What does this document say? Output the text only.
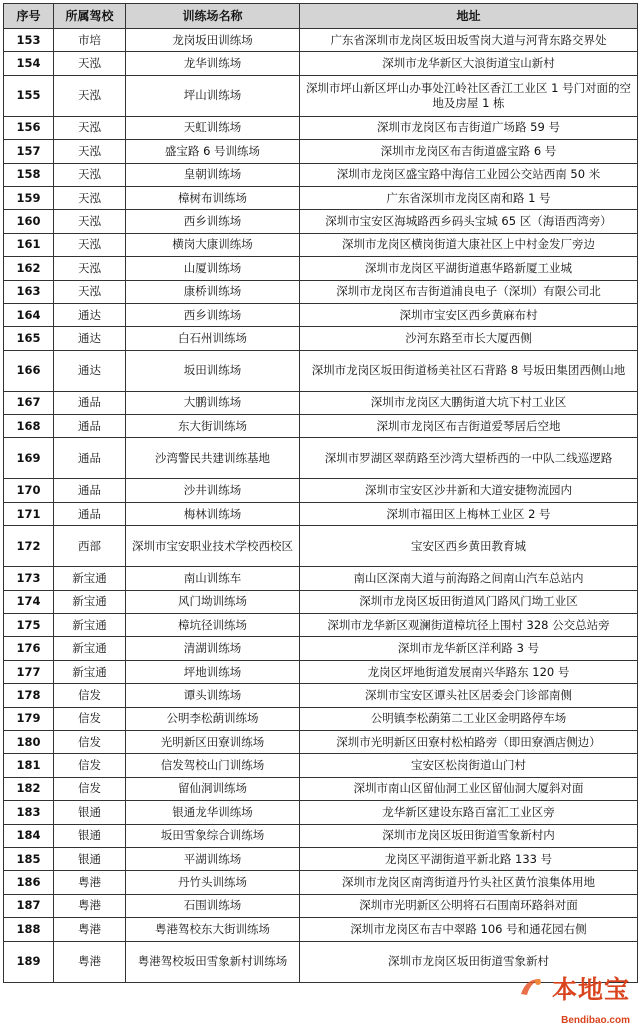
序号	所属驾校	训练场名称	地址
153	市培	龙岗坂田训练场	广东省深圳市龙岗区坂田坂雪岗大道与河背东路交界处
154	天泓	龙华训练场	深圳市龙华新区大浪街道宝山新村
155	天泓	坪山训练场	深圳市坪山新区坪山办事处江岭社区香江工业区 1 号门对面的空地及房屋 1 栋
156	天泓	天虹训练场	深圳市龙岗区布吉街道广场路 59 号
157	天泓	盛宝路 6 号训练场	深圳市龙岗区布吉街道盛宝路 6 号
158	天泓	皇朝训练场	深圳市龙岗区盛宝路中海信工业园公交站西南 50 米
159	天泓	樟树布训练场	广东省深圳市龙岗区南和路 1 号
160	天泓	西乡训练场	深圳市宝安区海城路西乡码头宝城 65 区（海语西湾旁）
161	天泓	横岗大康训练场	深圳市龙岗区横岗街道大康社区上中村金发厂旁边
162	天泓	山厦训练场	深圳市龙岗区平湖街道惠华路新厦工业城
163	天泓	康桥训练场	深圳市龙岗区布吉街道浦良电子（深圳）有限公司北
164	通达	西乡训练场	深圳市宝安区西乡黄麻布村
165	通达	白石州训练场	沙河东路至市长大厦西侧
166	通达	坂田训练场	深圳市龙岗区坂田街道杨美社区石背路 8 号坂田集团西侧山地
167	通品	大鹏训练场	深圳市龙岗区大鹏街道大坑下村工业区
168	通品	东大街训练场	深圳市龙岗区布吉街道爱琴居后空地
169	通品	沙湾警民共建训练基地	深圳市罗湖区翠荫路至沙湾大望桥西的一中队二线巡逻路
170	通品	沙井训练场	深圳市宝安区沙井新和大道安捷物流园内
171	通品	梅林训练场	深圳市福田区上梅林工业区 2 号
172	西部	深圳市宝安职业技术学校西校区	宝安区西乡黄田教育城
173	新宝通	南山训练车	南山区深南大道与前海路之间南山汽车总站内
174	新宝通	风门坳训练场	深圳市龙岗区坂田街道风门路风门坳工业区
175	新宝通	樟坑径训练场	深圳市龙华新区观澜街道樟坑径上围村 328 公交总站旁
176	新宝通	清湖训练场	深圳市龙华新区洋利路 3 号
177	新宝通	坪地训练场	龙岗区坪地街道发展南兴华路东 120 号
178	信发	谭头训练场	深圳市宝安区谭头社区居委会门诊部南侧
179	信发	公明李松蓢训练场	公明镇李松蓢第二工业区金明路停车场
180	信发	光明新区田寮训练场	深圳市光明新区田寮村松柏路旁（即田寮酒店侧边）
181	信发	信发驾校山门训练场	宝安区松岗街道山门村
182	信发	留仙洞训练场	深圳市南山区留仙洞工业区留仙洞大厦斜对面
183	银通	银通龙华训练场	龙华新区建设东路百富汇工业区旁
184	银通	坂田雪象综合训练场	深圳市龙岗区坂田街道雪象新村内
185	银通	平湖训练场	龙岗区平湖街道平新北路 133 号
186	粤港	丹竹头训练场	深圳市龙岗区南湾街道丹竹头社区黄竹浪集体用地
187	粤港	石围训练场	深圳市光明新区公明将石石围南环路斜对面
188	粤港	粤港驾校东大街训练场	深圳市龙岗区布吉中翠路 106 号和通花园右侧
189	粤港	粤港驾校坂田雪象新村训练场	深圳市龙岗区坂田街道雪象新村
本地宝
Bendibao.com
